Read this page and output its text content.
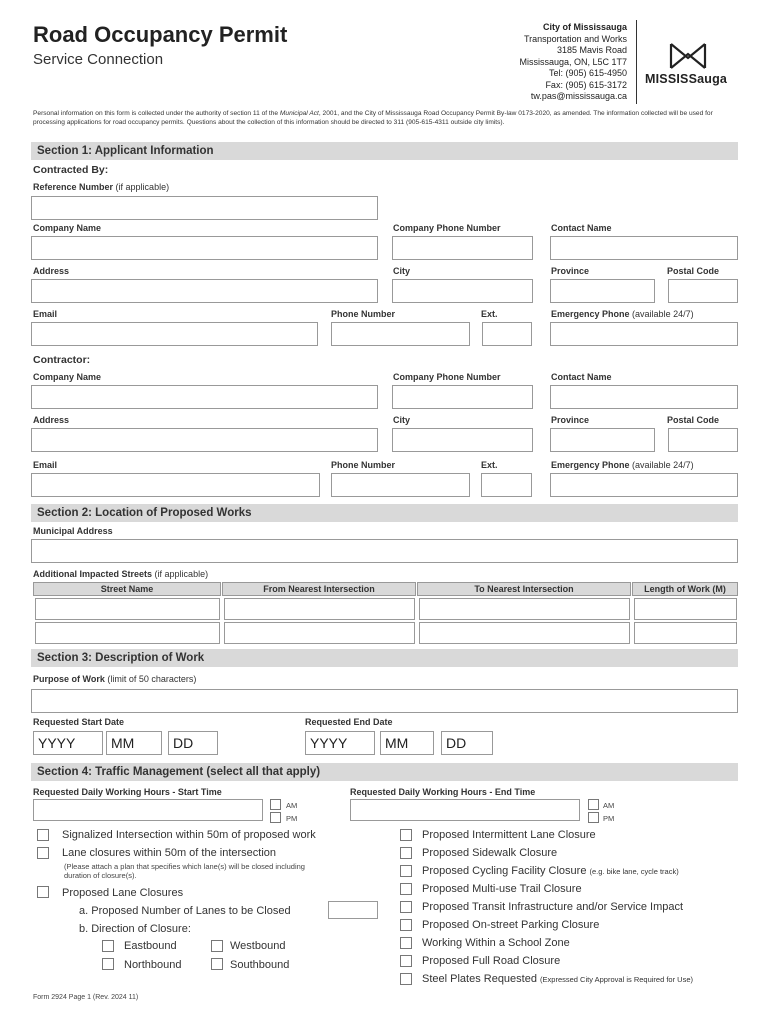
Road Occupancy Permit
Service Connection
City of Mississauga
Transportation and Works
3185 Mavis Road
Mississauga, ON, L5C 1T7
Tel: (905) 615-4950
Fax: (905) 615-3172
tw.pas@mississauga.ca
MISSISSauga
Personal information on this form is collected under the authority of section 11 of the Municipal Act, 2001, and the City of Mississauga Road Occupancy Permit By-law 0173-2020, as amended. The information collected will be used for processing applications for road occupancy permits. Questions about the collection of this information should be directed to 311 (905-615-4311 outside city limits).
Section 1: Applicant Information
Contracted By:
Reference Number (if applicable)
Company Name	Company Phone Number	Contact Name
Address	City	Province	Postal Code
Email	Phone Number	Ext.	Emergency Phone (available 24/7)
Contractor:
Company Name	Company Phone Number	Contact Name
Address	City	Province	Postal Code
Email	Phone Number	Ext.	Emergency Phone (available 24/7)
Section 2: Location of Proposed Works
Municipal Address
Additional Impacted Streets (if applicable)
Street Name	From Nearest Intersection	To Nearest Intersection	Length of Work (M)
Section 3: Description of Work
Purpose of Work (limit of 50 characters)
Requested Start Date	Requested End Date
YYYY	MM	DD	YYYY	MM	DD
Section 4: Traffic Management (select all that apply)
Requested Daily Working Hours - Start Time	Requested Daily Working Hours - End Time
AM
PM
AM
PM
Signalized Intersection within 50m of proposed work
Lane closures within 50m of the intersection
(Please attach a plan that specifies which lane(s) will be closed including duration of closure(s).
Proposed Lane Closures
a. Proposed Number of Lanes to be Closed
b. Direction of Closure:
Eastbound	Westbound
Northbound	Southbound
Proposed Intermittent Lane Closure
Proposed Sidewalk Closure
Proposed Cycling Facility Closure (e.g. bike lane, cycle track)
Proposed Multi-use Trail Closure
Proposed Transit Infrastructure and/or Service Impact
Proposed On-street Parking Closure
Working Within a School Zone
Proposed Full Road Closure
Steel Plates Requested (Expressed City Approval is Required for Use)
Form 2924 Page 1 (Rev. 2024 11)
